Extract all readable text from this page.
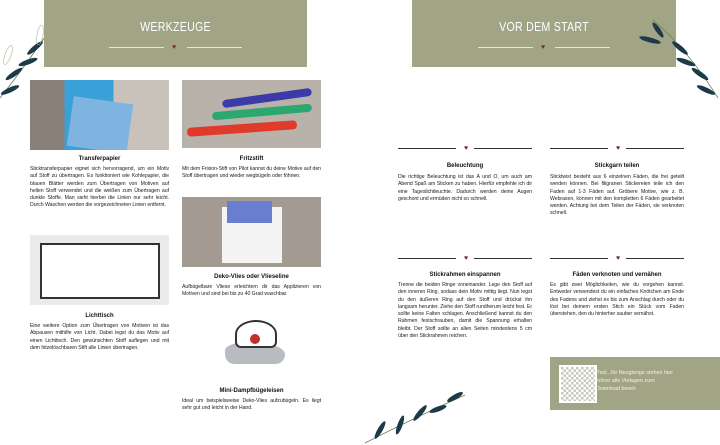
WERKZEUGE
♥
Transferpapier
Sticktransferpapier eignet sich hervorragend, um ein Motiv auf Stoff zu übertragen. Es funktioniert wie Kohlepapier, die blauen Blätter werden zum Übertragen von Motiven auf hellen Stoff verwendet und die weißen zum Übertragen auf dunkle Stoffe. Man sieht hierbei die Linien nur sehr leicht. Durch Waschen werden die vorgezeichneten Linien entfernt.
Lichttisch
Eine weitere Option zum Übertragen von Motiven ist das Abpausen mithilfe von Licht. Dabei legst du das Motiv auf einen Lichttisch. Den gewünschten Stoff auflegen und mit dem hitzelöschbaren Stift alle Linien übertragen.
Fritzstift
Mit dem Frixion-Stift von Pilot kannst du deine Motive auf den Stoff übertragen und wieder wegbügeln oder föhnen.
Deko-Vlies oder Vlieseline
Aufbügelbare Vliese erleichtern dir das Applizieren von Motiven und sind bei bis zu 40 Grad waschbar.
Mini-Dampfbügeleisen
Ideal um beispielsweise Deko-Vlies aufzubügeln. Es liegt sehr gut und leicht in der Hand.
VOR DEM START
♥
♥	♥
Beleuchtung
Die richtige Beleuchtung ist das A und O, um auch am Abend Spaß am Sticken zu haben. Hierfür empfehle ich dir eine Tageslichtleuchte. Dadurch werden deine Augen geschont und ermüden nicht so schnell.
Stickgarn teilen
Sticktwist besteht aus 6 einzelnen Fäden, die frei geteilt werden können. Bei filigranen Stickereien teile ich den Faden auf 1-3 Fäden auf. Gröbere Motive, wie z. B. Webrasen, können mit den kompletten 6 Fäden gearbeitet werden. Achtung bei dem Teilen der Fäden, sie verknoten schnell.
♥	♥
Stickrahmen einspannen
Trenne die beiden Ringe voneinander. Lege den Stoff auf den inneren Ring, sodass dein Motiv mittig liegt. Nun legst du den äußeren Ring auf den Stoff und drückst ihn langsam herunter. Ziehe den Stoff rundherum leicht fest. Er sollte keine Falten schlagen. Anschließend kannst du den Rahmen festschrauben, damit die Spannung erhalten bleibt. Der Stoff sollte an allen Seiten mindestens 5 cm über den Stickrahmen reichen.
Fäden verknoten und vernähen
Es gibt zwei Möglichkeiten, wie du vorgehen kannst. Entweder verwendest du ein einfaches Knötchen am Ende des Fadens und ziehst es bis zum Anschlag durch oder du löst bei deinem ersten Stich ein Stück vom Faden überstehen, den du hinterher sauber vernähst.
Psst...für Neugierige stehen hier schon alle Vorlagen zum Download bereit:
